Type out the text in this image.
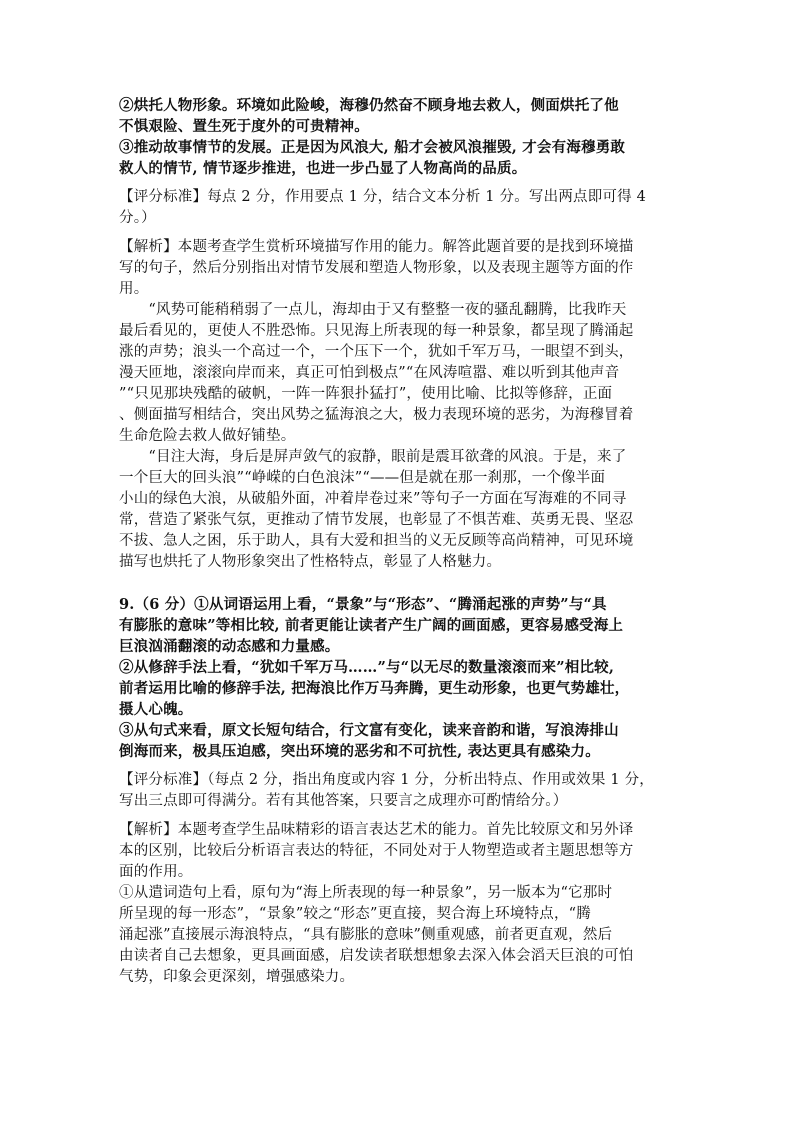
②烘托人物形象。环境如此险峻，海穆仍然奋不顾身地去救人，侧面烘托了他
不惧艰险、置生死于度外的可贵精神。
③推动故事情节的发展。正是因为风浪大, 船才会被风浪摧毁, 才会有海穆勇敢
救人的情节, 情节逐步推进，也进一步凸显了人物高尚的品质。
【评分标准】每点 2 分，作用要点 1 分，结合文本分析 1 分。写出两点即可得 4
分。）
【解析】本题考查学生赏析环境描写作用的能力。解答此题首要的是找到环境描
写的句子，然后分别指出对情节发展和塑造人物形象，以及表现主题等方面的作
用。
　　“风势可能稍稍弱了一点儿，海却由于又有整整一夜的骚乱翻腾，比我昨天
最后看见的，更使人不胜恐怖。只见海上所表现的每一种景象，都呈现了腾涌起
涨的声势；浪头一个高过一个，一个压下一个，犹如千军万马，一眼望不到头，
漫天匝地，滚滚向岸而来，真正可怕到极点”“在风涛喧嚣、难以听到其他声音
”“只见那块残酷的破帆，一阵一阵狠扑猛打”，使用比喻、比拟等修辞，正面
、侧面描写相结合，突出风势之猛海浪之大，极力表现环境的恶劣，为海穆冒着
生命危险去救人做好铺垫。
　　“目注大海，身后是屏声敛气的寂静，眼前是震耳欲聋的风浪。于是，来了
一个巨大的回头浪”“峥嵘的白色浪沫”“——但是就在那一刹那，一个像半面
小山的绿色大浪，从破船外面，冲着岸卷过来”等句子一方面在写海难的不同寻
常，营造了紧张气氛，更推动了情节发展，也彰显了不惧苦难、英勇无畏、坚忍
不拔、急人之困，乐于助人，具有大爱和担当的义无反顾等高尚精神，可见环境
描写也烘托了人物形象突出了性格特点，彰显了人格魅力。
9.（6 分）①从词语运用上看，“景象”与“形态”、“腾涌起涨的声势”与“具
有膨胀的意味”等相比较, 前者更能让读者产生广阔的画面感，更容易感受海上
巨浪汹涌翻滚的动态感和力量感。
②从修辞手法上看，“犹如千军万马……”与“以无尽的数量滚滚而来”相比较,
前者运用比喻的修辞手法, 把海浪比作万马奔腾，更生动形象，也更气势雄壮，
摄人心魄。
③从句式来看，原文长短句结合，行文富有变化，读来音韵和谐，写浪涛排山
倒海而来，极具压迫感，突出环境的恶劣和不可抗性, 表达更具有感染力。
【评分标准】（每点 2 分，指出角度或内容 1 分，分析出特点、作用或效果 1 分，
写出三点即可得满分。若有其他答案，只要言之成理亦可酌情给分。）
【解析】本题考查学生品味精彩的语言表达艺术的能力。首先比较原文和另外译
本的区别，比较后分析语言表达的特征，不同处对于人物塑造或者主题思想等方
面的作用。
①从遣词造句上看，原句为“海上所表现的每一种景象”，另一版本为“它那时
所呈现的每一形态”，“景象”较之“形态”更直接，契合海上环境特点，“腾
涌起涨”直接展示海浪特点，“具有膨胀的意味”侧重观感，前者更直观，然后
由读者自己去想象，更具画面感，启发读者联想想象去深入体会滔天巨浪的可怕
气势，印象会更深刻，增强感染力。
